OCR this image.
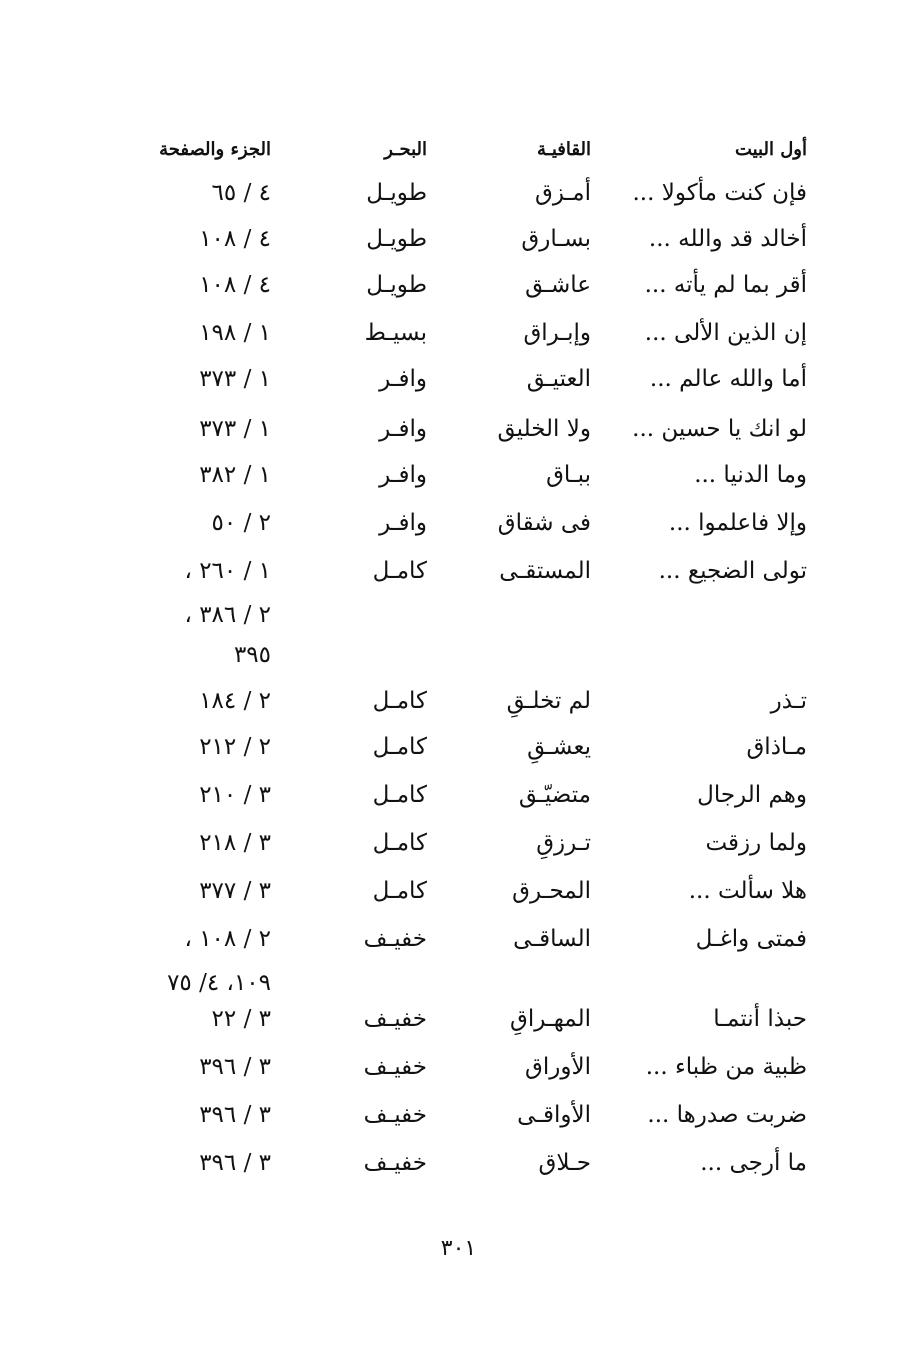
أول البيت
القافيـة
البحـر
الجزء والصفحة
فإن كنت مأكولا ...
أمـزق
طويـل
٤ / ٦٥
أخالد قد والله ...
بسـارق
طويـل
٤ / ١٠٨
أقر بما لم يأته ...
عاشـق
طويـل
٤ / ١٠٨
إن الذين الألى ...
وإبـراق
بسيـط
١ / ١٩٨
أما والله عالم ...
العتيـق
وافـر
١ / ٣٧٣
لو انك يا حسين ...
ولا الخليق
وافـر
١ / ٣٧٣
وما الدنيا ...
ببـاق
وافـر
١ / ٣٨٢
وإلا فاعلموا ...
فى شقاق
وافـر
٢ / ٥٠
تولى الضجيع ...
المستقـى
كامـل
١ / ٢٦٠ ،
٢ / ٣٨٦ ،
٣٩٥
تـذر
لم تخلـقِ
كامـل
٢ / ١٨٤
مـاذاق
يعشـقِ
كامـل
٢ / ٢١٢
وهم الرجال
متضيّـق
كامـل
٣ / ٢١٠
ولما رزقت
تـرزقِ
كامـل
٣ / ٢١٨
هلا سألت ...
المحـرق
كامـل
٣ / ٣٧٧
فمتى واغـل
الساقـى
خفيـف
٢ / ١٠٨ ،
١٠٩، ٤/ ٧٥
حبذا أنتمـا
المهـراقِ
خفيـف
٣ / ٢٢
ظبية من ظباء ...
الأوراق
خفيـف
٣ / ٣٩٦
ضربت صدرها ...
الأواقـى
خفيـف
٣ / ٣٩٦
ما أرجى ...
حـلاق
خفيـف
٣ / ٣٩٦
٣٠١
